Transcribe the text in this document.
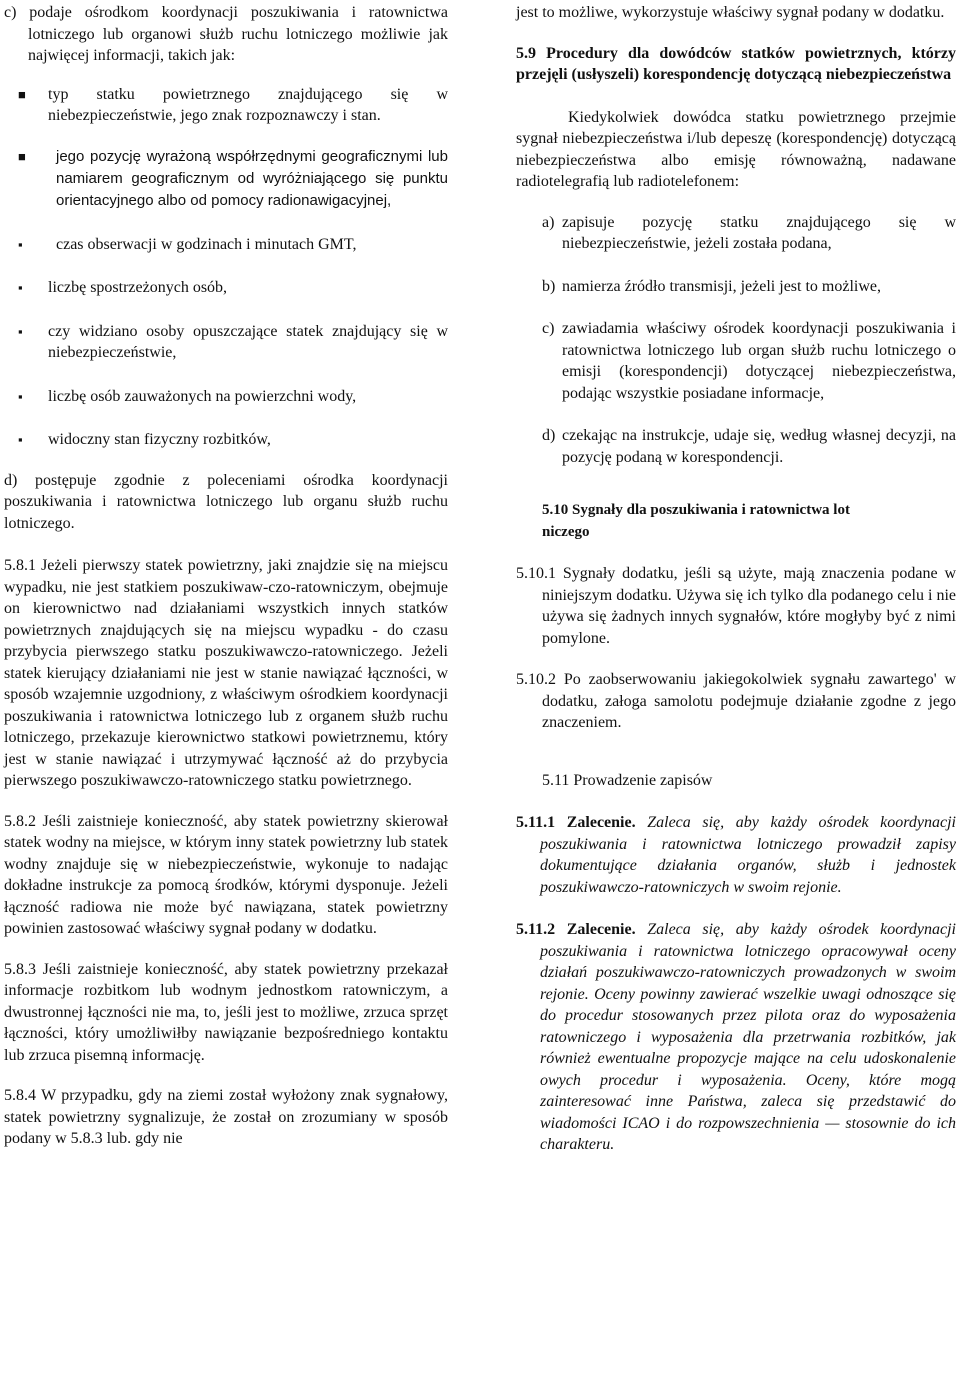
c) podaje ośrodkom koordynacji poszukiwania i ratownictwa lotniczego lub organowi służb ruchu lotniczego możliwie jak najwięcej informacji, takich jak:

■ typ statku powietrznego znajdującego się w niebezpieczeństwie, jego znak rozpoznawczy i stan.

■ jego pozycję wyrażoną współrzędnymi geograficznymi lub namiarem geograficznym od wyróżniającego się punktu orientacyjnego albo od pomocy radionawigacyjnej,

▪ czas obserwacji w godzinach i minutach GMT,

▪ liczbę spostrzeżonych osób,

▪ czy widziano osoby opuszczające statek znajdujący się w niebezpieczeństwie,

▪ liczbę osób zauważonych na powierzchni wody,

▪ widoczny stan fizyczny rozbitków,

d) postępuje zgodnie z poleceniami ośrodka koordynacji poszukiwania i ratownictwa lotniczego lub organu służb ruchu lotniczego.

5.8.1 Jeżeli pierwszy statek powietrzny, jaki znajdzie się na miejscu wypadku, nie jest statkiem poszukiwaw-czo-ratowniczym, obejmuje on kierownictwo nad działaniami wszystkich innych statków powietrznych znajdujących się na miejscu wypadku - do czasu przybycia pierwszego statku poszukiwawczo-ratowniczego. Jeżeli statek kierujący działaniami nie jest w stanie nawiązać łączności, w sposób wzajemnie uzgodniony, z właściwym ośrodkiem koordynacji poszukiwania i ratownictwa lotniczego lub z organem służb ruchu lotniczego, przekazuje kierownictwo statkowi powietrznemu, który jest w stanie nawiązać i utrzymywać łączność aż do przybycia pierwszego poszukiwawczo-ratowniczego statku powietrznego.

5.8.2 Jeśli zaistnieje konieczność, aby statek powietrzny skierował statek wodny na miejsce, w którym inny statek powietrzny lub statek wodny znajduje się w niebezpieczeństwie, wykonuje to nadając dokładne instrukcje za pomocą środków, którymi dysponuje. Jeżeli łączność radiowa nie może być nawiązana, statek powietrzny powinien zastosować właściwy sygnał podany w dodatku.

5.8.3 Jeśli zaistnieje konieczność, aby statek powietrzny przekazał informacje rozbitkom lub wodnym jednostkom ratowniczym, a dwustronnej łączności nie ma, to, jeśli jest to możliwe, zrzuca sprzęt łączności, który umożliwiłby nawiązanie bezpośredniego kontaktu lub zrzuca pisemną informację.

5.8.4 W przypadku, gdy na ziemi został wyłożony znak sygnałowy, statek powietrzny sygnalizuje, że został on zrozumiany w sposób podany w 5.8.3 lub. gdy nie

jest to możliwe, wykorzystuje właściwy sygnał podany w dodatku.

5.9 Procedury dla dowódców statków powietrznych, którzy przejęli (usłyszeli) korespondencję dotyczącą niebezpieczeństwa

Kiedykolwiek dowódca statku powietrznego przejmie sygnał niebezpieczeństwa i/lub depeszę (korespondencję) dotyczącą niebezpieczeństwa albo emisję równoważną, nadawane radiotelegrafią lub radiotelefonem:

a) zapisuje pozycję statku znajdującego się w niebezpieczeństwie, jeżeli została podana,

b) namierza źródło transmisji, jeżeli jest to możliwe,

c) zawiadamia właściwy ośrodek koordynacji poszukiwania i ratownictwa lotniczego lub organ służb ruchu lotniczego o emisji (korespondencji) dotyczącej niebezpieczeństwa, podając wszystkie posiadane informacje,

d) czekając na instrukcje, udaje się, według własnej decyzji, na pozycję podaną w korespondencji.

5.10 Sygnały dla poszukiwania i ratownictwa lot niczego

5.10.1 Sygnały dodatku, jeśli są użyte, mają znaczenia podane w niniejszym dodatku. Używa się ich tylko dla podanego celu i nie używa się żadnych innych sygnałów, które mogłyby być z nimi pomylone.

5.10.2 Po zaobserwowaniu jakiegokolwiek sygnału zawartego' w dodatku, załoga samolotu podejmuje działanie zgodne z jego znaczeniem.

5.11 Prowadzenie zapisów

5.11.1 Zalecenie. Zaleca się, aby każdy ośrodek koordynacji poszukiwania i ratownictwa lotniczego prowadził zapisy dokumentujące działania organów, służb i jednostek poszukiwawczo-ratowniczych w swoim rejonie.

5.11.2 Zalecenie. Zaleca się, aby każdy ośrodek koordynacji poszukiwania i ratownictwa lotniczego opracowywał oceny działań poszukiwawczo-ratowniczych prowadzonych w swoim rejonie. Oceny powinny zawierać wszelkie uwagi odnoszące się do procedur stosowanych przez pilota oraz do wyposażenia ratowniczego i wyposażenia dla przetrwania rozbitków, jak również ewentualne propozycje mające na celu udoskonalenie owych procedur i wyposażenia. Oceny, które mogą zainteresować inne Państwa, zaleca się przedstawić do wiadomości ICAO i do rozpowszechnienia — stosownie do ich charakteru.
